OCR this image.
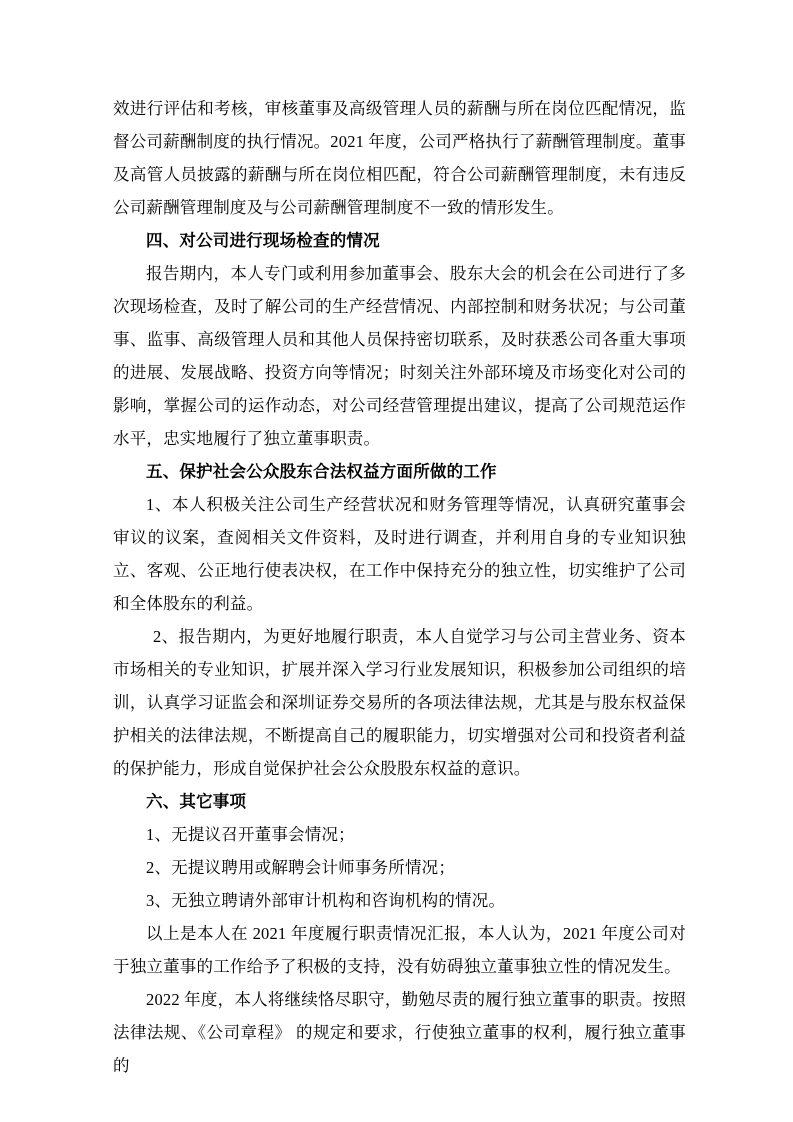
效进行评估和考核，审核董事及高级管理人员的薪酬与所在岗位匹配情况，监督公司薪酬制度的执行情况。2021 年度，公司严格执行了薪酬管理制度。董事及高管人员披露的薪酬与所在岗位相匹配，符合公司薪酬管理制度，未有违反公司薪酬管理制度及与公司薪酬管理制度不一致的情形发生。

四、对公司进行现场检查的情况

报告期内，本人专门或利用参加董事会、股东大会的机会在公司进行了多次现场检查，及时了解公司的生产经营情况、内部控制和财务状况；与公司董事、监事、高级管理人员和其他人员保持密切联系，及时获悉公司各重大事项的进展、发展战略、投资方向等情况；时刻关注外部环境及市场变化对公司的影响，掌握公司的运作动态，对公司经营管理提出建议，提高了公司规范运作水平，忠实地履行了独立董事职责。

五、保护社会公众股东合法权益方面所做的工作

1、本人积极关注公司生产经营状况和财务管理等情况，认真研究董事会审议的议案，查阅相关文件资料，及时进行调查，并利用自身的专业知识独立、客观、公正地行使表决权，在工作中保持充分的独立性，切实维护了公司和全体股东的利益。

2、报告期内，为更好地履行职责，本人自觉学习与公司主营业务、资本市场相关的专业知识，扩展并深入学习行业发展知识，积极参加公司组织的培训，认真学习证监会和深圳证券交易所的各项法律法规，尤其是与股东权益保护相关的法律法规，不断提高自己的履职能力，切实增强对公司和投资者利益的保护能力，形成自觉保护社会公众股股东权益的意识。

六、其它事项

1、无提议召开董事会情况；

2、无提议聘用或解聘会计师事务所情况；

3、无独立聘请外部审计机构和咨询机构的情况。

以上是本人在 2021 年度履行职责情况汇报，本人认为，2021 年度公司对于独立董事的工作给予了积极的支持，没有妨碍独立董事独立性的情况发生。

2022 年度，本人将继续恪尽职守，勤勉尽责的履行独立董事的职责。按照法律法规、《公司章程》 的规定和要求，行使独立董事的权利，履行独立董事的
